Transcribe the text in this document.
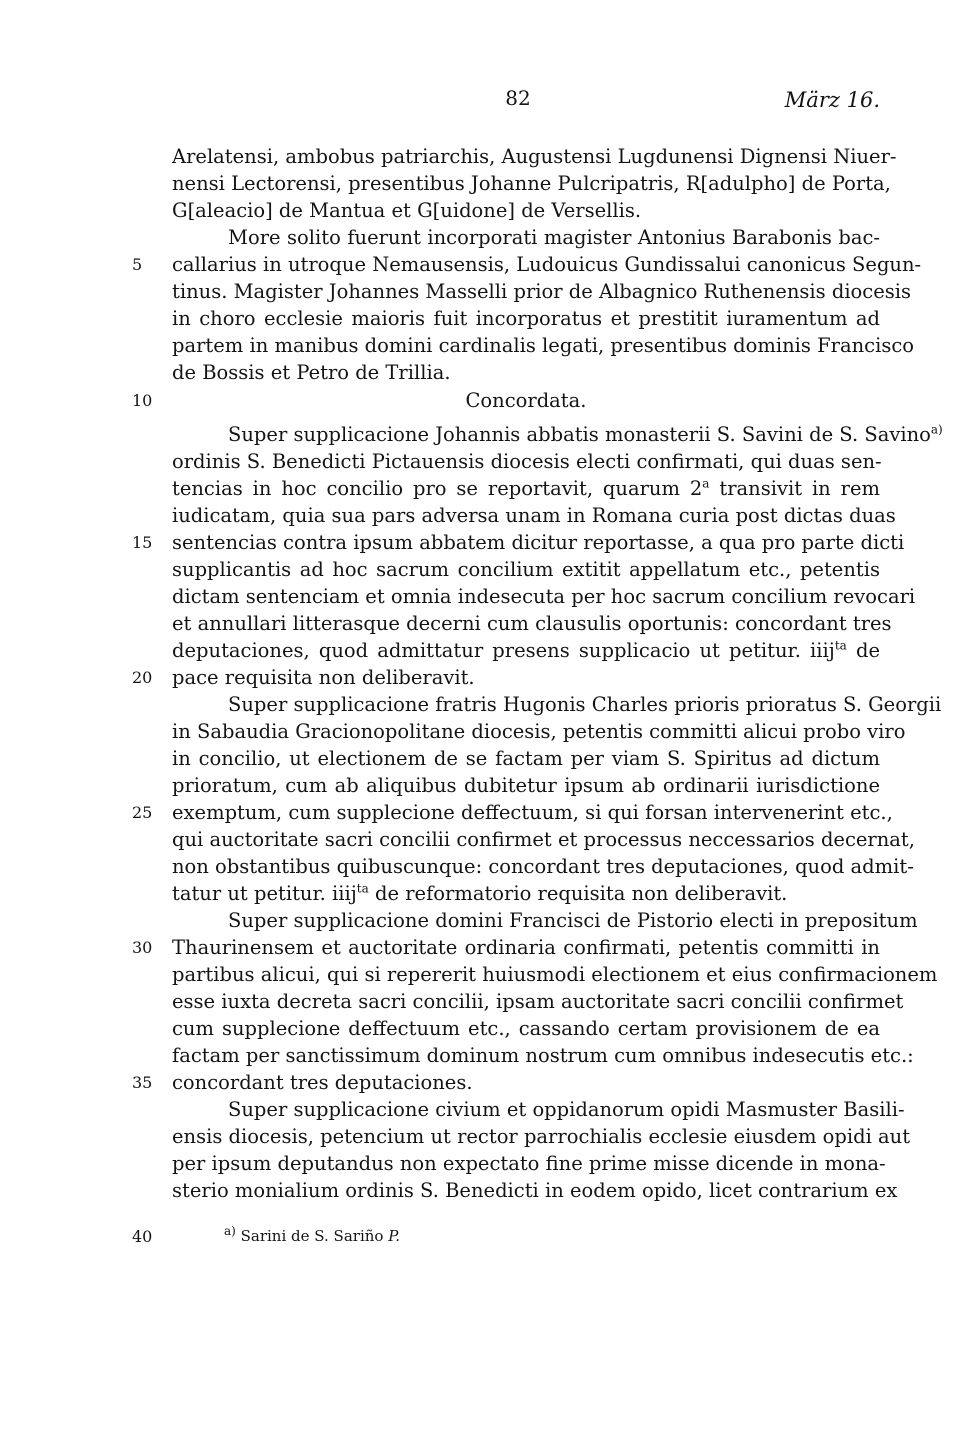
82	März 16.
Arelatensi, ambobus patriarchis, Augustensi Lugdunensi Dignensi Niuer-
nensi Lectorensi, presentibus Johanne Pulcripatris, R[adulpho] de Porta,
G[aleacio] de Mantua et G[uidone] de Versellis.
More solito fuerunt incorporati magister Antonius Barabonis bac-
5	callarius in utroque Nemausensis, Ludouicus Gundissalui canonicus Segun-
tinus. Magister Johannes Masselli prior de Albagnico Ruthenensis diocesis
in choro ecclesie maioris fuit incorporatus et prestitit iuramentum ad
partem in manibus domini cardinalis legati, presentibus dominis Francisco
de Bossis et Petro de Trillia.
10	Concordata.
Super supplicacione Johannis abbatis monasterii S. Savini de S. Savino$^{a)}$
ordinis S. Benedicti Pictauensis diocesis electi confirmati, qui duas sen-
tencias in hoc concilio pro se reportavit, quarum 2$^a$ transivit in rem
iudicatam, quia sua pars adversa unam in Romana curia post dictas duas
15	sentencias contra ipsum abbatem dicitur reportasse, a qua pro parte dicti
supplicantis ad hoc sacrum concilium extitit appellatum etc., petentis
dictam sentenciam et omnia indesecuta per hoc sacrum concilium revocari
et annullari litterasque decerni cum clausulis oportunis: concordant tres
deputaciones, quod admittatur presens supplicacio ut petitur. iiij$^{ta}$ de
20	pace requisita non deliberavit.
Super supplicacione fratris Hugonis Charles prioris prioratus S. Georgii
in Sabaudia Gracionopolitane diocesis, petentis committi alicui probo viro
in concilio, ut electionem de se factam per viam S. Spiritus ad dictum
prioratum, cum ab aliquibus dubitetur ipsum ab ordinarii iurisdictione
25	exemptum, cum supplecione deffectuum, si qui forsan intervenerint etc.,
qui auctoritate sacri concilii confirmet et processus neccessarios decernat,
non obstantibus quibuscunque: concordant tres deputaciones, quod admit-
tatur ut petitur. iiij$^{ta}$ de reformatorio requisita non deliberavit.
Super supplicacione domini Francisci de Pistorio electi in prepositum
30	Thaurinensem et auctoritate ordinaria confirmati, petentis committi in
partibus alicui, qui si repererit huiusmodi electionem et eius confirmacionem
esse iuxta decreta sacri concilii, ipsam auctoritate sacri concilii confirmet
cum supplecione deffectuum etc., cassando certam provisionem de ea
factam per sanctissimum dominum nostrum cum omnibus indesecutis etc.:
35	concordant tres deputaciones.
Super supplicacione civium et oppidanorum opidi Masmuster Basili-
ensis diocesis, petencium ut rector parrochialis ecclesie eiusdem opidi aut
per ipsum deputandus non expectato fine prime misse dicende in mona-
sterio monialium ordinis S. Benedicti in eodem opido, licet contrarium ex
40	$^{a)}$ Sarini de S. Sariño P.
